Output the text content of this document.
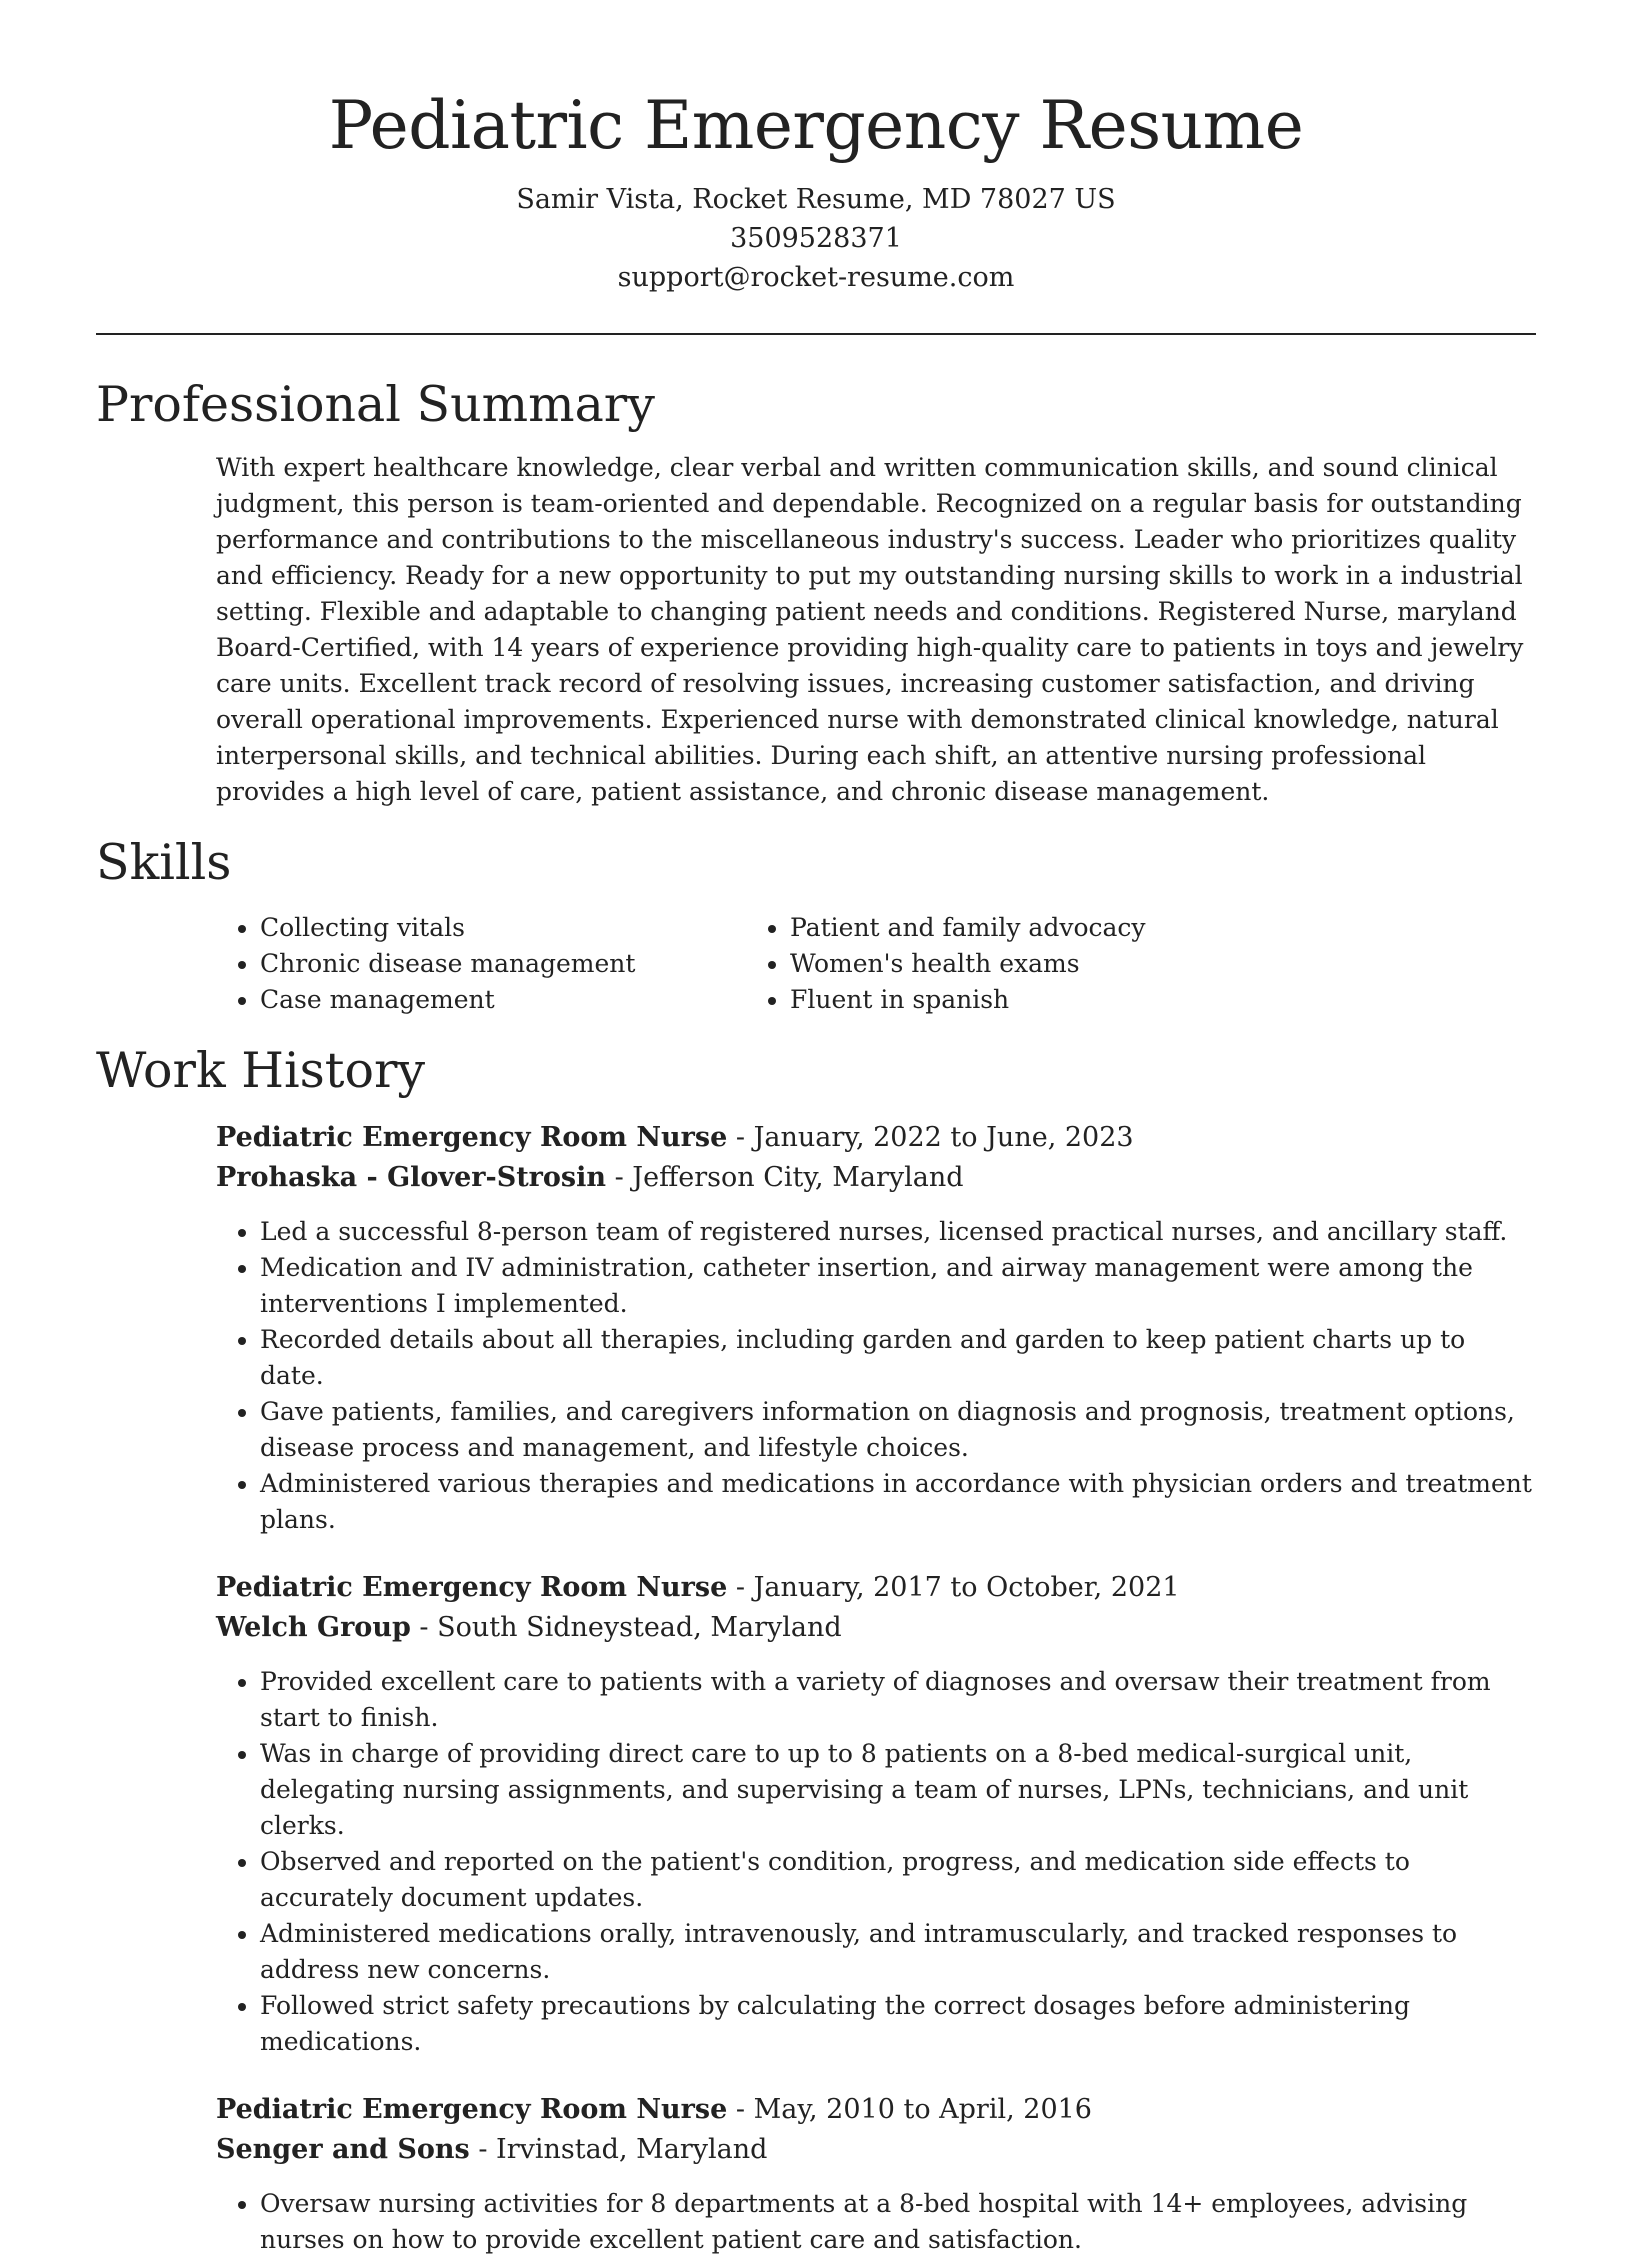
Pediatric Emergency Resume
Samir Vista, Rocket Resume, MD 78027 US
3509528371
support@rocket-resume.com
Professional Summary

With expert healthcare knowledge, clear verbal and written communication skills, and sound clinical judgment, this person is team-oriented and dependable. Recognized on a regular basis for outstanding performance and contributions to the miscellaneous industry's success. Leader who prioritizes quality and efficiency. Ready for a new opportunity to put my outstanding nursing skills to work in a industrial setting. Flexible and adaptable to changing patient needs and conditions. Registered Nurse, maryland Board-Certified, with 14 years of experience providing high-quality care to patients in toys and jewelry care units. Excellent track record of resolving issues, increasing customer satisfaction, and driving overall operational improvements. Experienced nurse with demonstrated clinical knowledge, natural interpersonal skills, and technical abilities. During each shift, an attentive nursing professional provides a high level of care, patient assistance, and chronic disease management.

Skills
• Collecting vitals
• Chronic disease management
• Case management
• Patient and family advocacy
• Women's health exams
• Fluent in spanish
Work History
Pediatric Emergency Room Nurse - January, 2022 to June, 2023
Prohaska - Glover-Strosin - Jefferson City, Maryland
• Led a successful 8-person team of registered nurses, licensed practical nurses, and ancillary staff.
• Medication and IV administration, catheter insertion, and airway management were among the interventions I implemented.
• Recorded details about all therapies, including garden and garden to keep patient charts up to date.
• Gave patients, families, and caregivers information on diagnosis and prognosis, treatment options, disease process and management, and lifestyle choices.
• Administered various therapies and medications in accordance with physician orders and treatment plans.
Pediatric Emergency Room Nurse - January, 2017 to October, 2021
Welch Group - South Sidneystead, Maryland
• Provided excellent care to patients with a variety of diagnoses and oversaw their treatment from start to finish.
• Was in charge of providing direct care to up to 8 patients on a 8-bed medical-surgical unit, delegating nursing assignments, and supervising a team of nurses, LPNs, technicians, and unit clerks.
• Observed and reported on the patient's condition, progress, and medication side effects to accurately document updates.
• Administered medications orally, intravenously, and intramuscularly, and tracked responses to address new concerns.
• Followed strict safety precautions by calculating the correct dosages before administering medications.
Pediatric Emergency Room Nurse - May, 2010 to April, 2016
Senger and Sons - Irvinstad, Maryland
• Oversaw nursing activities for 8 departments at a 8-bed hospital with 14+ employees, advising nurses on how to provide excellent patient care and satisfaction.
